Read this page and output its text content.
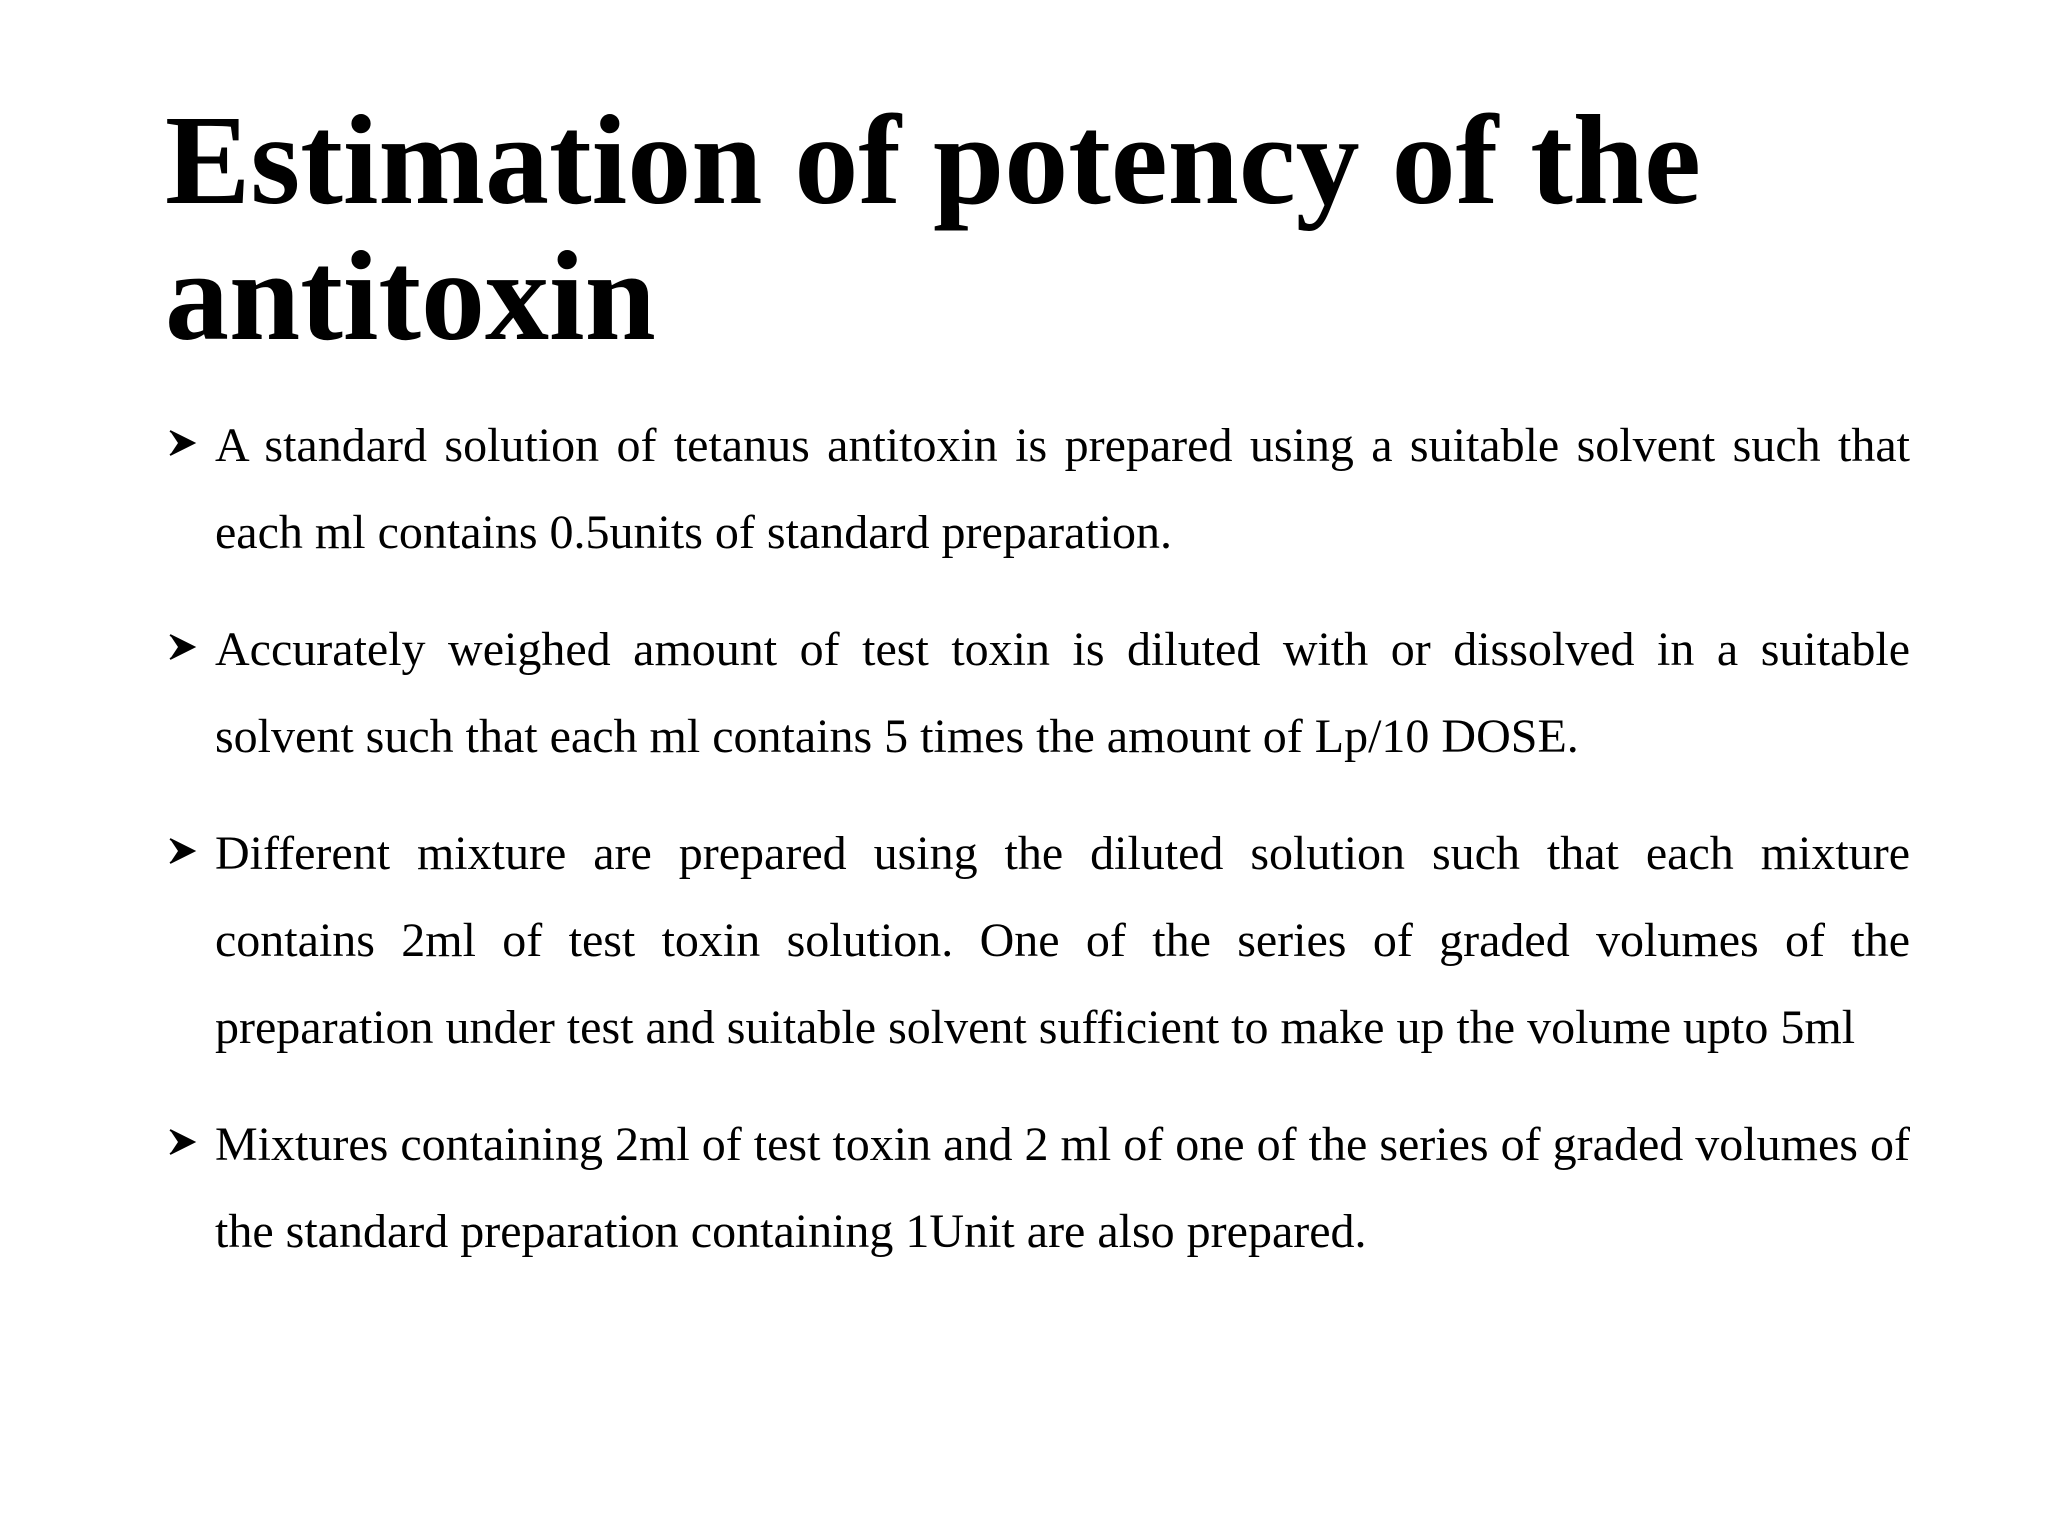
Estimation of potency of the antitoxin
A standard solution of tetanus antitoxin is prepared using a suitable solvent such that each ml contains 0.5units of standard preparation.
Accurately weighed amount of test toxin is diluted with or dissolved in a suitable solvent such that each ml contains 5 times the amount of Lp/10 DOSE.
Different mixture are prepared using the diluted solution such that each mixture contains 2ml of test toxin solution. One of the series of graded volumes of the preparation under test and suitable solvent sufficient to make up the volume upto 5ml
Mixtures containing 2ml of test toxin and 2 ml of one of the series of graded volumes of the standard preparation containing 1Unit are also prepared.
